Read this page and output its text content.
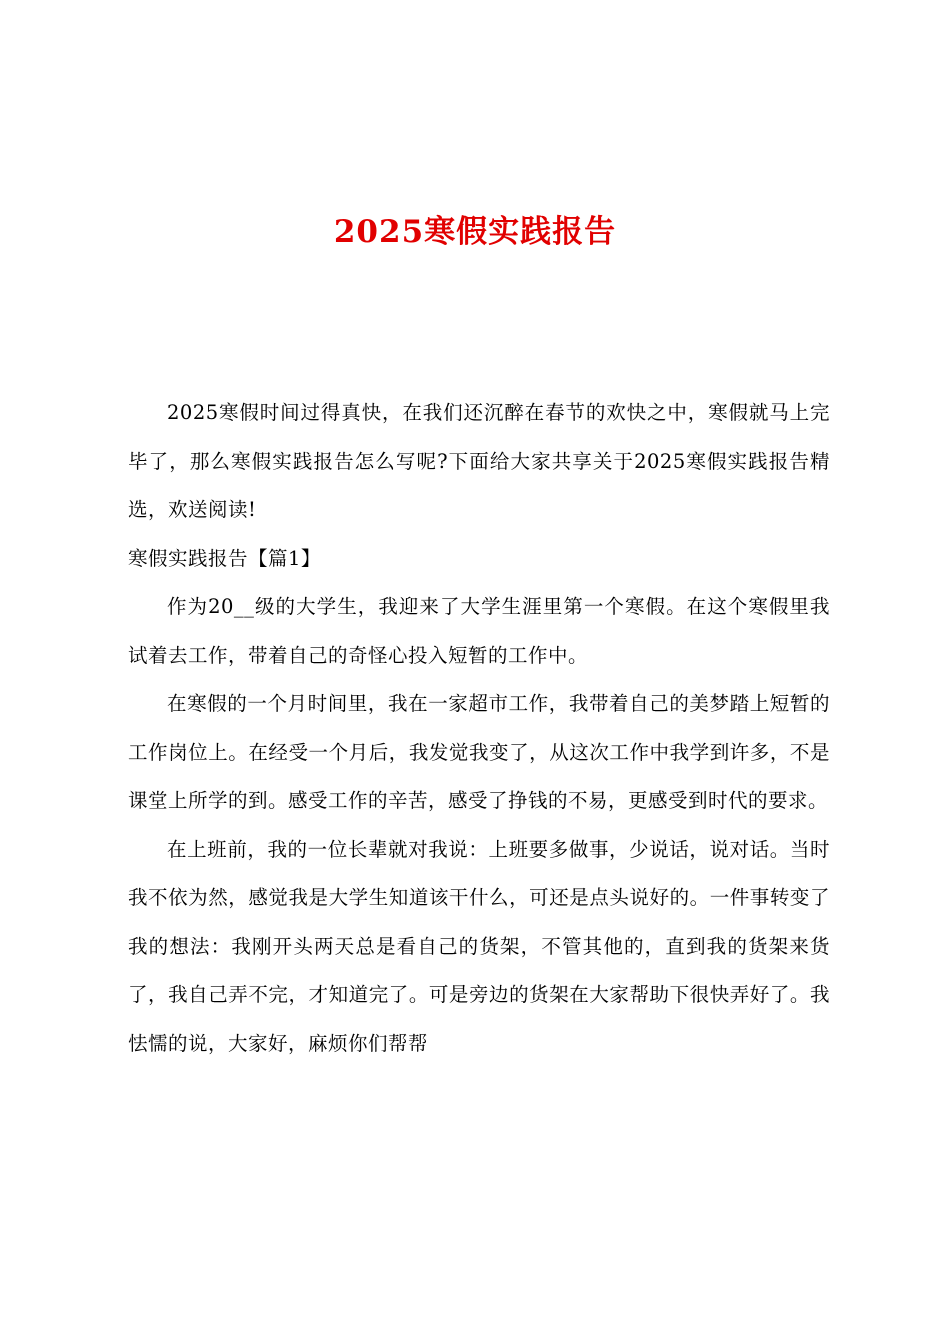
2025寒假实践报告

2025寒假时间过得真快，在我们还沉醉在春节的欢快之中，寒假就马上完毕了，那么寒假实践报告怎么写呢?下面给大家共享关于2025寒假实践报告精选，欢送阅读!

寒假实践报告【篇1】

作为20__级的大学生，我迎来了大学生涯里第一个寒假。在这个寒假里我试着去工作，带着自己的奇怪心投入短暂的工作中。

在寒假的一个月时间里，我在一家超市工作，我带着自己的美梦踏上短暂的工作岗位上。在经受一个月后，我发觉我变了，从这次工作中我学到许多，不是课堂上所学的到。感受工作的辛苦，感受了挣钱的不易，更感受到时代的要求。

在上班前，我的一位长辈就对我说：上班要多做事，少说话，说对话。当时我不依为然，感觉我是大学生知道该干什么，可还是点头说好的。一件事转变了我的想法：我刚开头两天总是看自己的货架，不管其他的，直到我的货架来货了，我自己弄不完，才知道完了。可是旁边的货架在大家帮助下很快弄好了。我怯懦的说，大家好，麻烦你们帮帮
